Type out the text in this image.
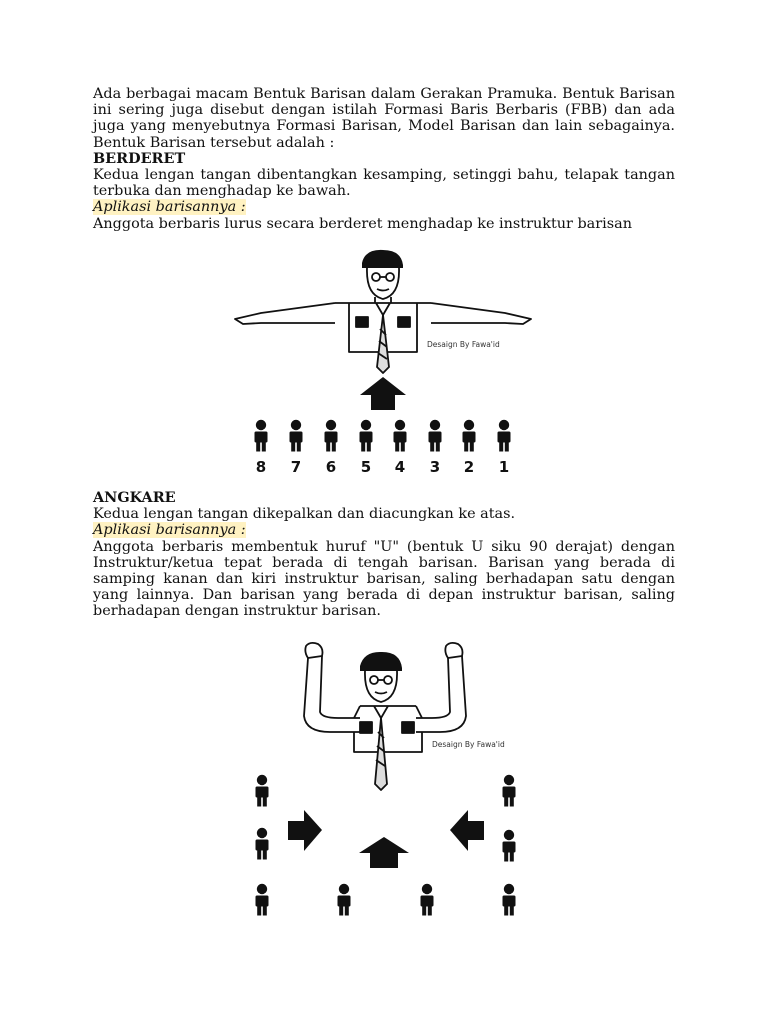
Ada berbagai macam Bentuk Barisan dalam Gerakan Pramuka. Bentuk Barisan ini sering juga disebut dengan istilah Formasi Baris Berbaris (FBB) dan ada juga yang menyebutnya Formasi Barisan, Model Barisan dan lain sebagainya. Bentuk Barisan tersebut adalah :

BERDERET

Kedua lengan tangan dibentangkan kesamping, setinggi bahu, telapak tangan terbuka dan menghadap ke bawah.

Aplikasi barisannya :

Anggota berbaris lurus secara berderet menghadap ke instruktur barisan

Desaign By Fawa'id
8 7 6 5 4 3 2 1

ANGKARE

Kedua lengan tangan dikepalkan dan diacungkan ke atas.

Aplikasi barisannya :

Anggota berbaris membentuk huruf "U" (bentuk U siku 90 derajat) dengan Instruktur/ketua tepat berada di tengah barisan. Barisan yang berada di samping kanan dan kiri instruktur barisan, saling berhadapan satu dengan yang lainnya. Dan barisan yang berada di depan instruktur barisan, saling berhadapan dengan instruktur barisan.

Desaign By Fawa'id
